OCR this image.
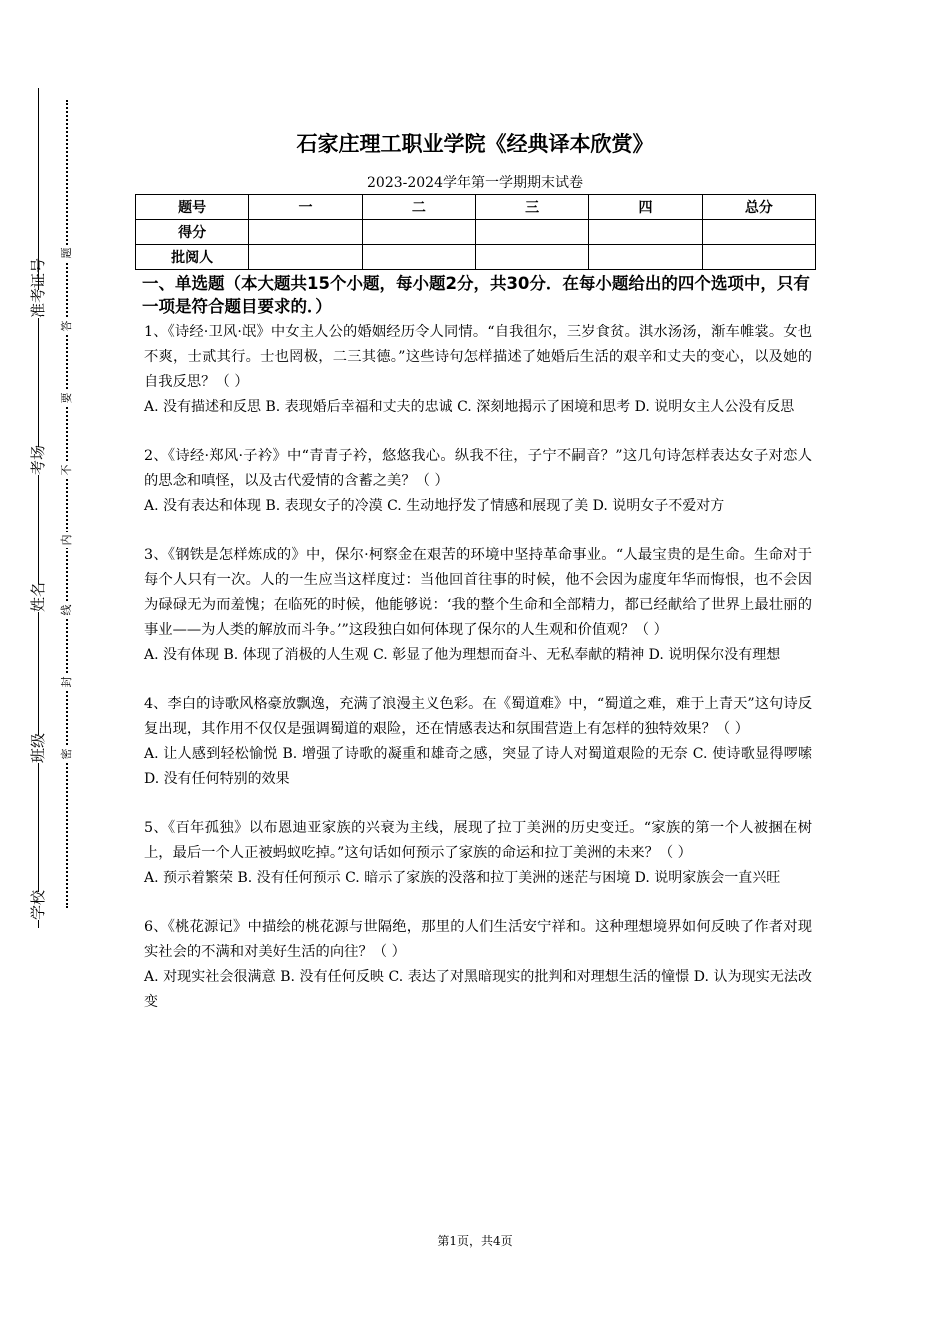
准考证号
考场
姓名
班级
学校
题
答
要
不
内
线
封
密
石家庄理工职业学院《经典译本欣赏》
2023-2024学年第一学期期末试卷
题号	一	二	三	四	总分
得分					
批阅人					
一、单选题（本大题共15个小题，每小题2分，共30分．在每小题给出的四个选项中，只有一项是符合题目要求的．）

1、《诗经·卫风·氓》中女主人公的婚姻经历令人同情。“自我徂尔，三岁食贫。淇水汤汤，渐车帷裳。女也不爽，士贰其行。士也罔极，二三其德。”这些诗句怎样描述了她婚后生活的艰辛和丈夫的变心，以及她的自我反思？（ ）

A. 没有描述和反思 B. 表现婚后幸福和丈夫的忠诚 C. 深刻地揭示了困境和思考 D. 说明女主人公没有反思

2、《诗经·郑风·子衿》中“青青子衿，悠悠我心。纵我不往，子宁不嗣音？”这几句诗怎样表达女子对恋人的思念和嗔怪，以及古代爱情的含蓄之美？（ ）

A. 没有表达和体现 B. 表现女子的冷漠 C. 生动地抒发了情感和展现了美 D. 说明女子不爱对方

3、《钢铁是怎样炼成的》中，保尔·柯察金在艰苦的环境中坚持革命事业。“人最宝贵的是生命。生命对于每个人只有一次。人的一生应当这样度过：当他回首往事的时候，他不会因为虚度年华而悔恨，也不会因为碌碌无为而羞愧；在临死的时候，他能够说：‘我的整个生命和全部精力，都已经献给了世界上最壮丽的事业——为人类的解放而斗争。’”这段独白如何体现了保尔的人生观和价值观？（ ）

A. 没有体现 B. 体现了消极的人生观 C. 彰显了他为理想而奋斗、无私奉献的精神 D. 说明保尔没有理想

4、李白的诗歌风格豪放飘逸，充满了浪漫主义色彩。在《蜀道难》中，“蜀道之难，难于上青天”这句诗反复出现，其作用不仅仅是强调蜀道的艰险，还在情感表达和氛围营造上有怎样的独特效果？（ ）

A. 让人感到轻松愉悦 B. 增强了诗歌的凝重和雄奇之感，突显了诗人对蜀道艰险的无奈 C. 使诗歌显得啰嗦 D. 没有任何特别的效果

5、《百年孤独》以布恩迪亚家族的兴衰为主线，展现了拉丁美洲的历史变迁。“家族的第一个人被捆在树上，最后一个人正被蚂蚁吃掉。”这句话如何预示了家族的命运和拉丁美洲的未来？（ ）

A. 预示着繁荣 B. 没有任何预示 C. 暗示了家族的没落和拉丁美洲的迷茫与困境 D. 说明家族会一直兴旺

6、《桃花源记》中描绘的桃花源与世隔绝，那里的人们生活安宁祥和。这种理想境界如何反映了作者对现实社会的不满和对美好生活的向往？（ ）

A. 对现实社会很满意 B. 没有任何反映 C. 表达了对黑暗现实的批判和对理想生活的憧憬 D. 认为现实无法改变

第1页，共4页
